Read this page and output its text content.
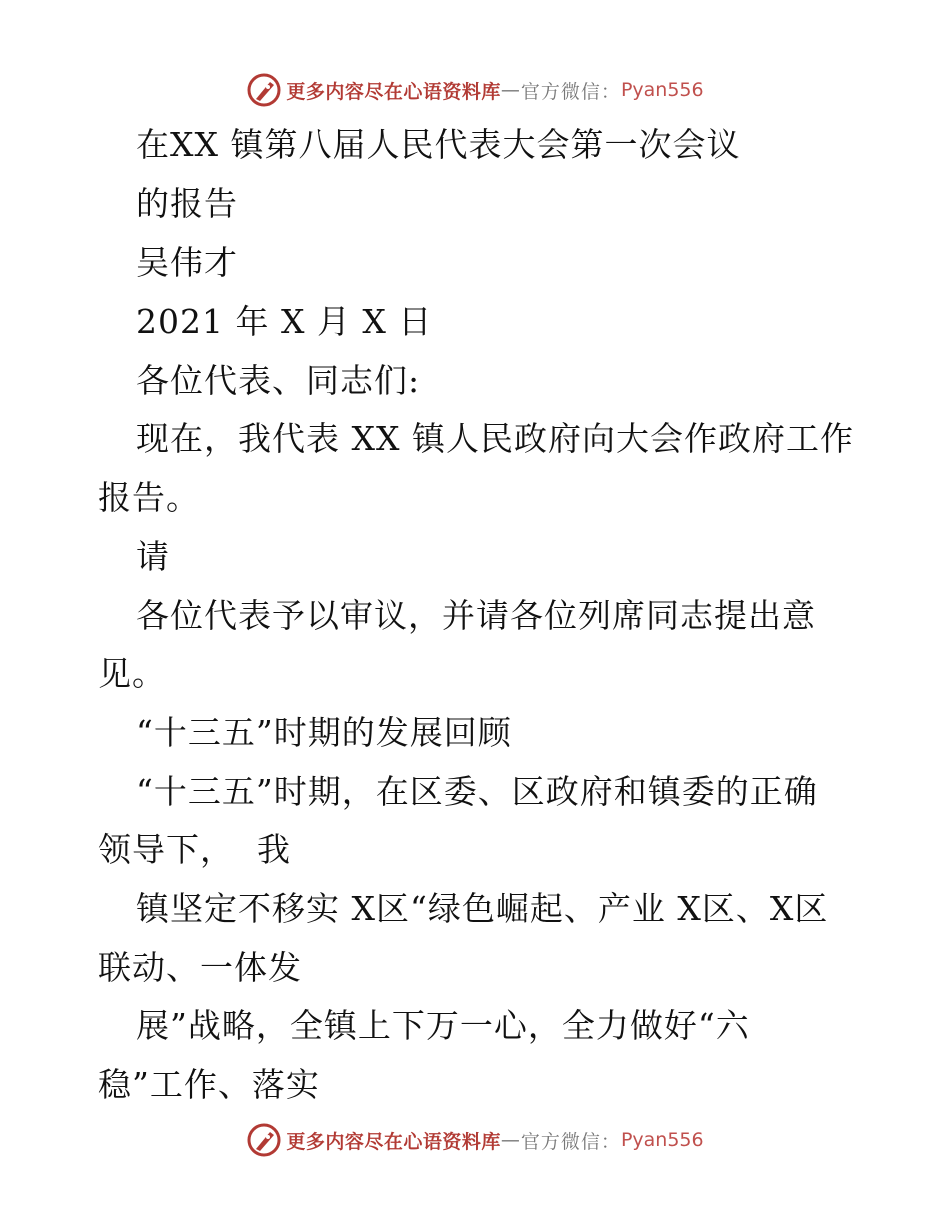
更多内容尽在心语资料库 — 官方微信： Pyan556
在XX 镇第八届人民代表大会第一次会议
的报告
吴伟才
2021 年 X 月 X 日
各位代表、同志们:
现在，我代表 XX 镇人民政府向大会作政府工作
报告。
请
各位代表予以审议，并请各位列席同志提出意
见。
“十三五”时期的发展回顾
“十三五”时期，在区委、区政府和镇委的正确
领导下，  我
镇坚定不移实 X区“绿色崛起、产业 X区、X区
联动、一体发
展”战略，全镇上下万一心，全力做好“六
稳”工作、落实
更多内容尽在心语资料库 — 官方微信： Pyan556
